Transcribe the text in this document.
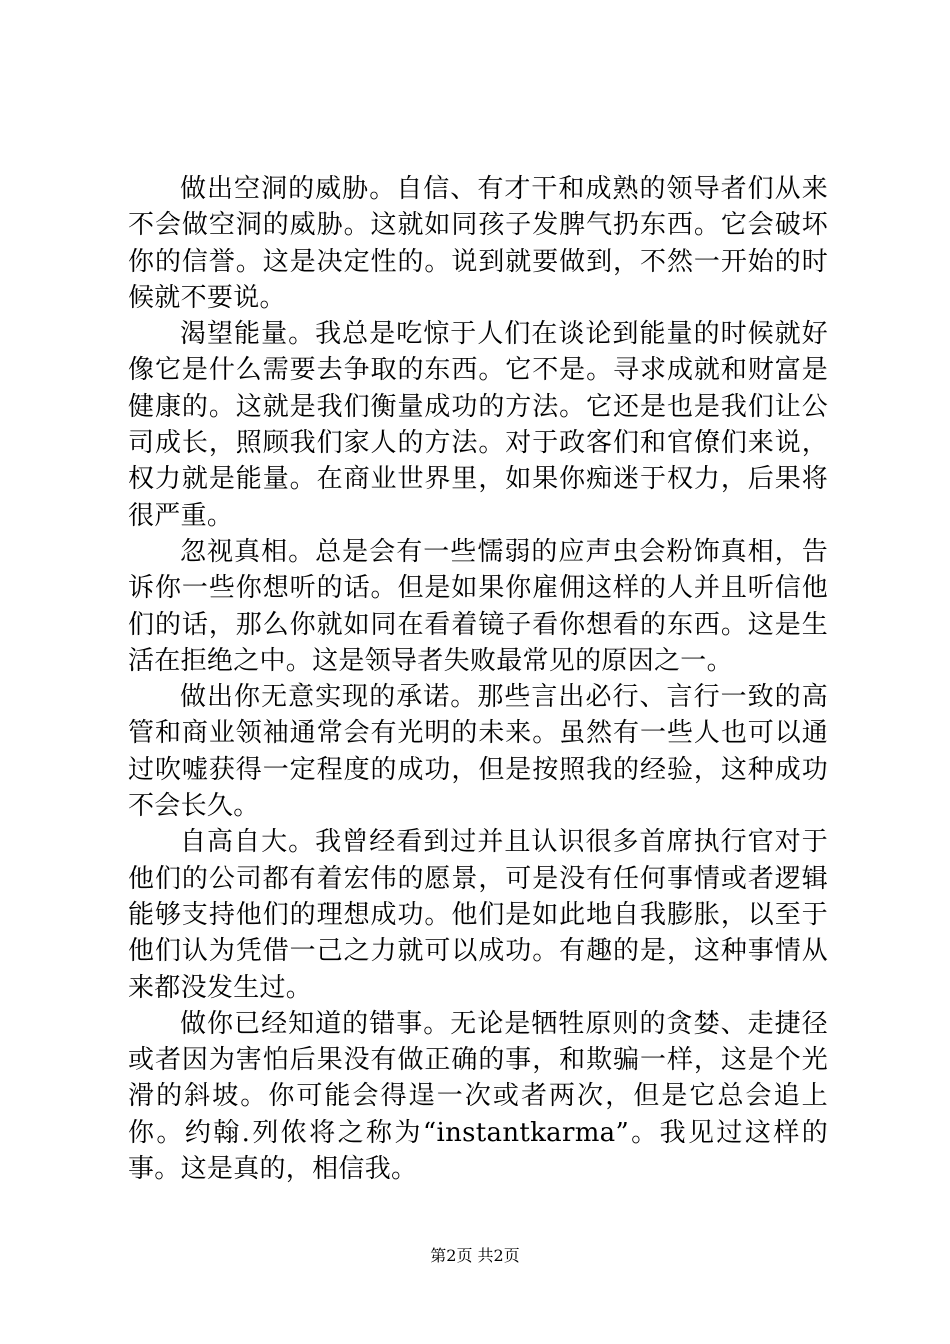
做出空洞的威胁。自信、有才干和成熟的领导者们从来不会做空洞的威胁。这就如同孩子发脾气扔东西。它会破坏你的信誉。这是决定性的。说到就要做到，不然一开始的时候就不要说。

渴望能量。我总是吃惊于人们在谈论到能量的时候就好像它是什么需要去争取的东西。它不是。寻求成就和财富是健康的。这就是我们衡量成功的方法。它还是也是我们让公司成长，照顾我们家人的方法。对于政客们和官僚们来说，权力就是能量。在商业世界里，如果你痴迷于权力，后果将很严重。

忽视真相。总是会有一些懦弱的应声虫会粉饰真相，告诉你一些你想听的话。但是如果你雇佣这样的人并且听信他们的话，那么你就如同在看着镜子看你想看的东西。这是生活在拒绝之中。这是领导者失败最常见的原因之一。

做出你无意实现的承诺。那些言出必行、言行一致的高管和商业领袖通常会有光明的未来。虽然有一些人也可以通过吹嘘获得一定程度的成功，但是按照我的经验，这种成功不会长久。

自高自大。我曾经看到过并且认识很多首席执行官对于他们的公司都有着宏伟的愿景，可是没有任何事情或者逻辑能够支持他们的理想成功。他们是如此地自我膨胀，以至于他们认为凭借一己之力就可以成功。有趣的是，这种事情从来都没发生过。

做你已经知道的错事。无论是牺牲原则的贪婪、走捷径或者因为害怕后果没有做正确的事，和欺骗一样，这是个光滑的斜坡。你可能会得逞一次或者两次，但是它总会追上你。约翰.列侬将之称为“instantkarma”。我见过这样的事。这是真的，相信我。

第2页 共2页
